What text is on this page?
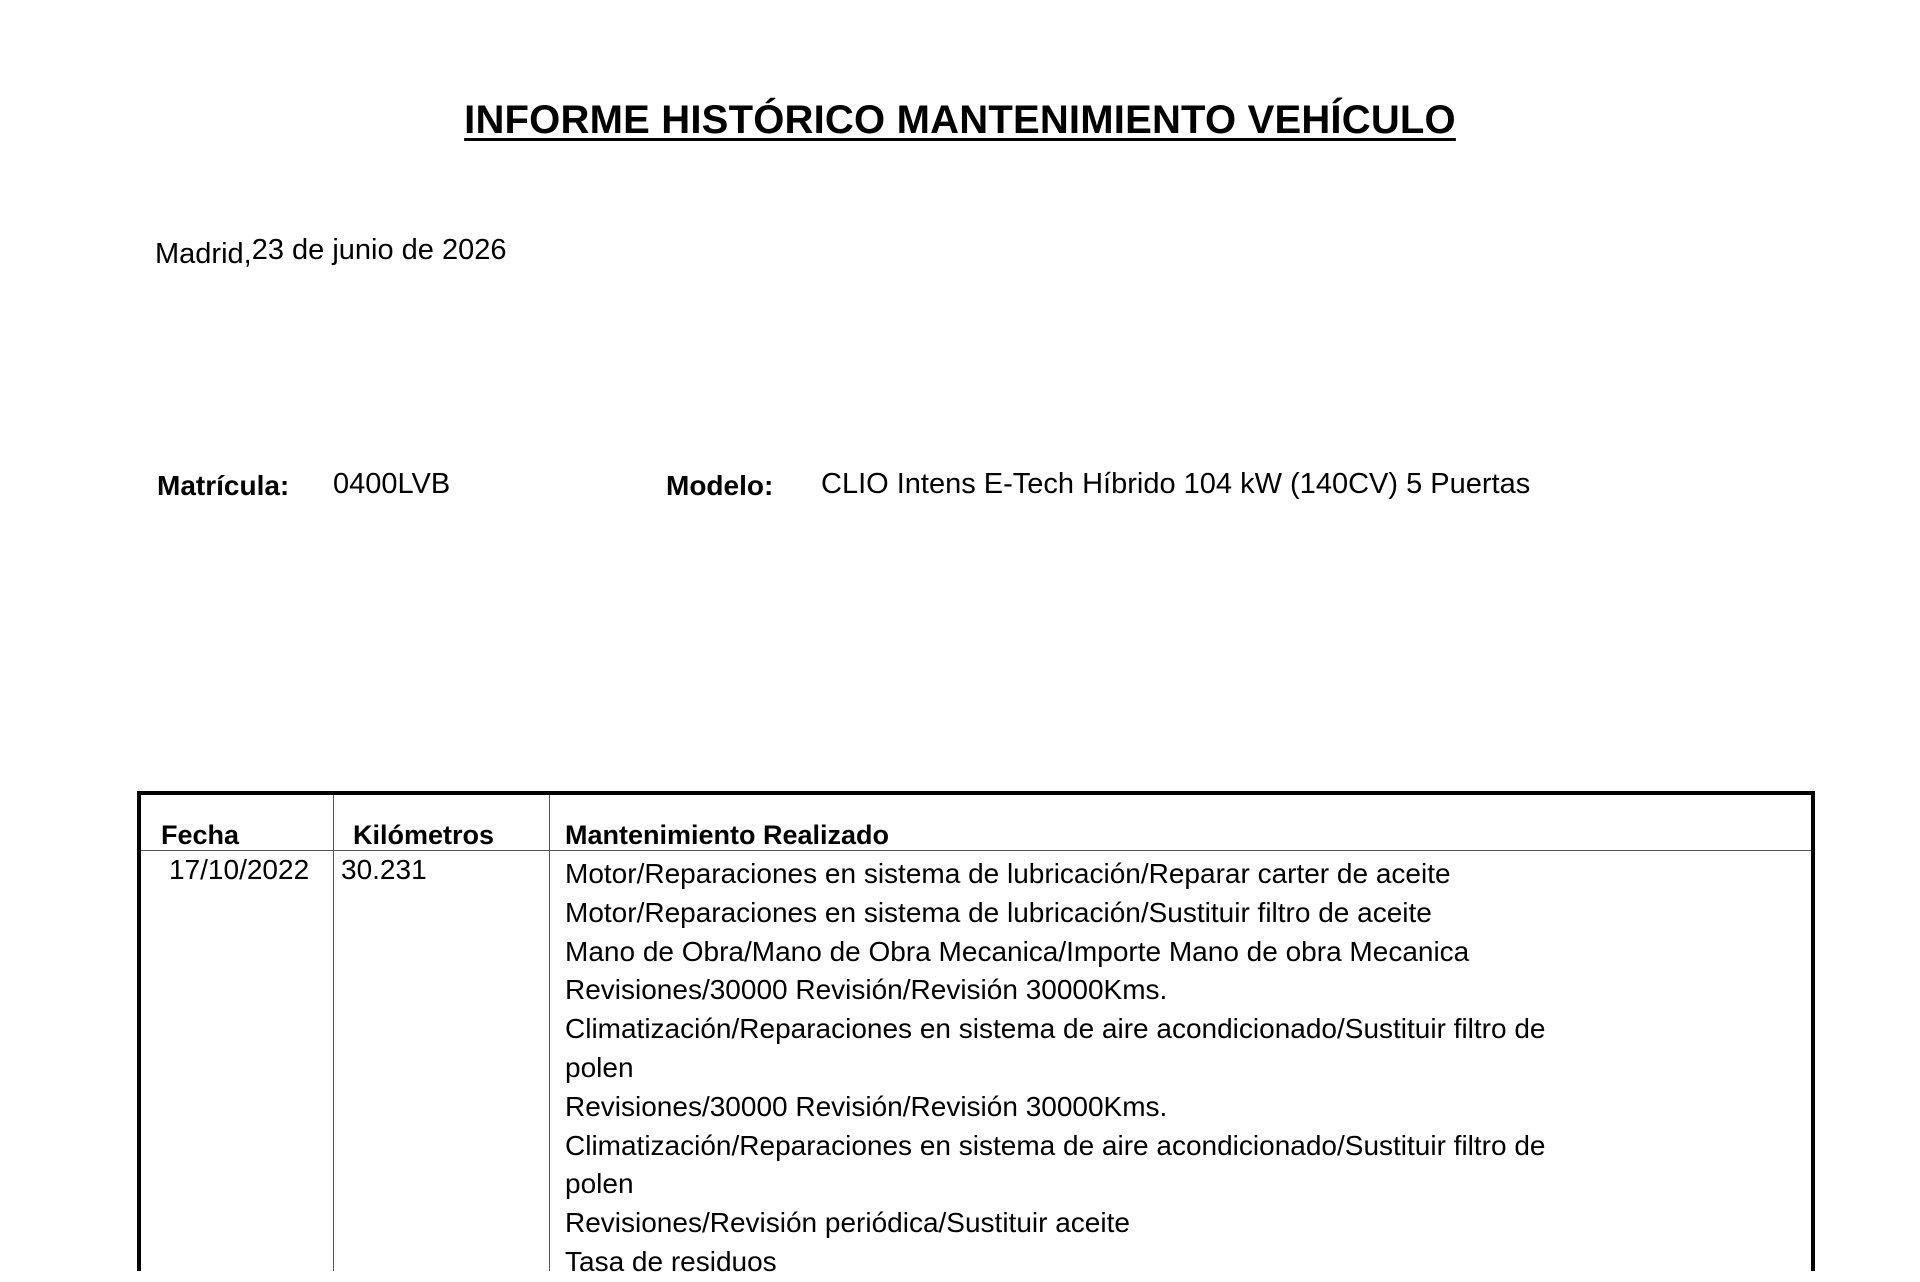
INFORME HISTÓRICO MANTENIMIENTO VEHÍCULO
Madrid,23 de junio de 2026
Matrícula: 0400LVB	Modelo: CLIO Intens E-Tech Híbrido 104 kW (140CV) 5 Puertas
Fecha	Kilómetros	Mantenimiento Realizado
17/10/2022 30.231	Motor/Reparaciones en sistema de lubricación/Reparar carter de aceite
Motor/Reparaciones en sistema de lubricación/Sustituir filtro de aceite
Mano de Obra/Mano de Obra Mecanica/Importe Mano de obra Mecanica
Revisiones/30000 Revisión/Revisión 30000Kms.
Climatización/Reparaciones en sistema de aire acondicionado/Sustituir filtro de
polen
Revisiones/30000 Revisión/Revisión 30000Kms.
Climatización/Reparaciones en sistema de aire acondicionado/Sustituir filtro de
polen
Revisiones/Revisión periódica/Sustituir aceite
Tasa de residuos
